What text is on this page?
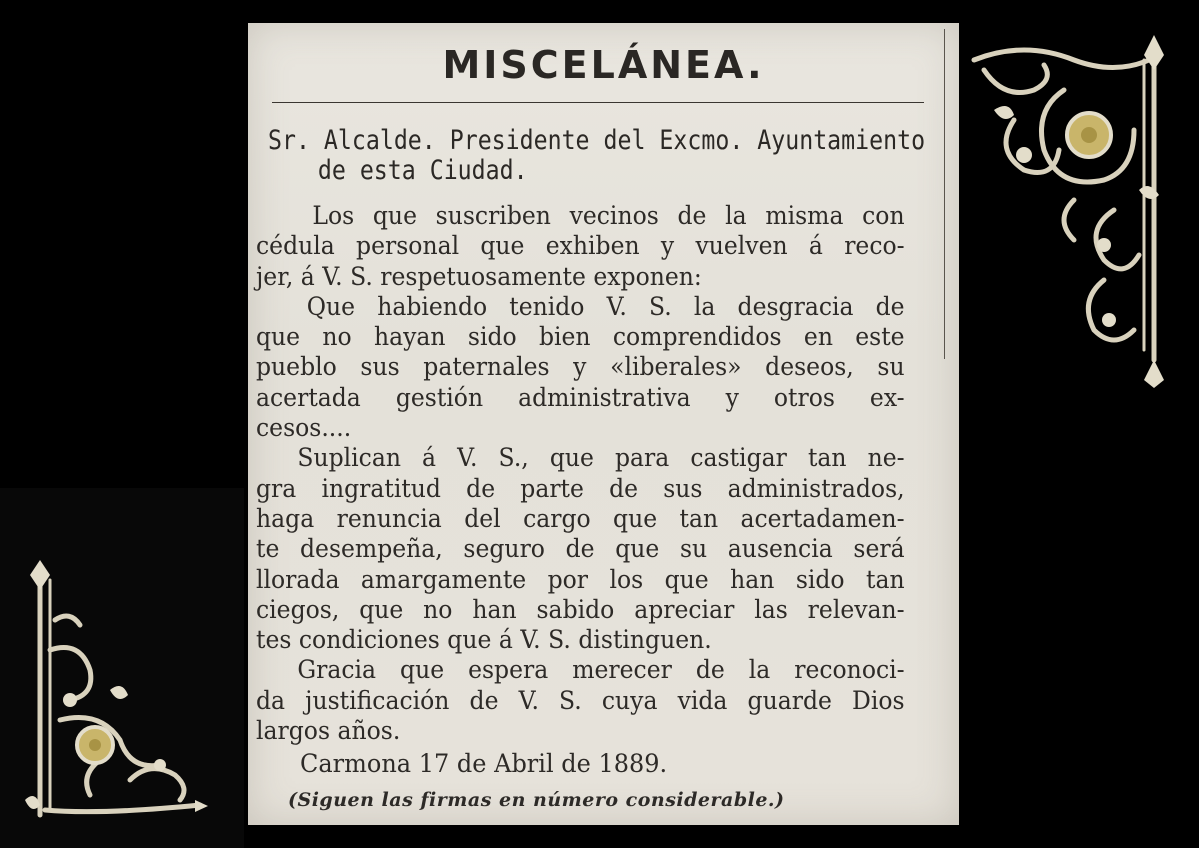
MISCELÁNEA.
Sr. Alcalde. Presidente del Excmo. Ayuntamiento
de esta Ciudad.
Los que suscriben vecinos de la misma con
cédula personal que exhiben y vuelven á reco-
jer, á V. S. respetuosamente exponen:
Que habiendo tenido V. S. la desgracia de
que no hayan sido bien comprendidos en este
pueblo sus paternales y «liberales» deseos, su
acertada gestión administrativa y otros ex-
cesos....
Suplican á V. S., que para castigar tan ne-
gra ingratitud de parte de sus administrados,
haga renuncia del cargo que tan acertadamen-
te desempeña, seguro de que su ausencia será
llorada amargamente por los que han sido tan
ciegos, que no han sabido apreciar las relevan-
tes condiciones que á V. S. distinguen.
Gracia que espera merecer de la reconoci-
da justificación de V. S. cuya vida guarde Dios
largos años.
Carmona 17 de Abril de 1889.
(Siguen las firmas en número considerable.)
